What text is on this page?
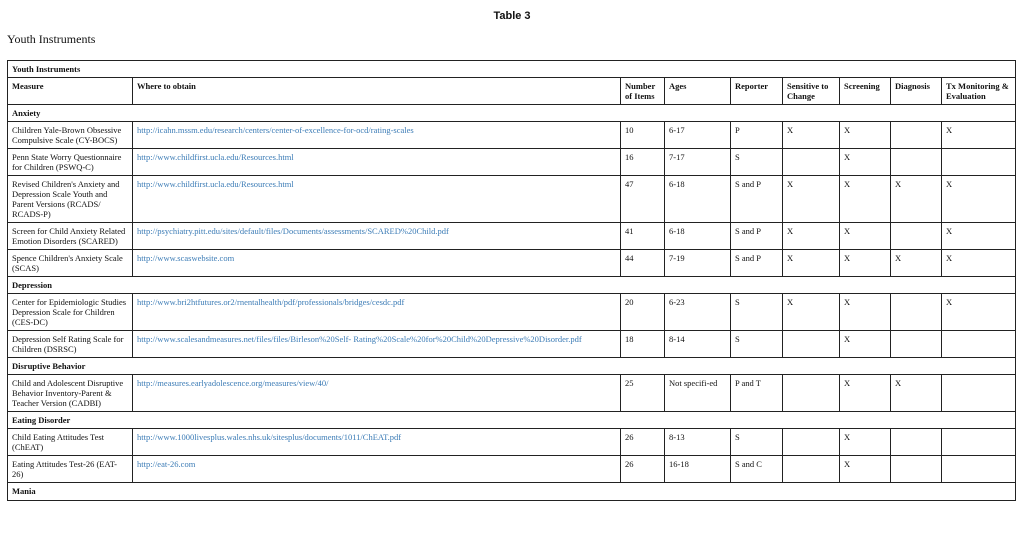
Table 3
Youth Instruments
Youth Instruments								
Measure	Where to obtain	Number of Items	Ages	Reporter	Sensitive to Change	Screening	Diagnosis	Tx Monitoring & Evaluation
Anxiety								
Children Yale-Brown Obsessive Compulsive Scale (CY-BOCS)	http://icahn.mssm.edu/research/centers/center-of-excellence-for-ocd/rating-scales	10	6-17	P	X	X		X
Penn State Worry Questionnaire for Children (PSWQ-C)	http://www.childfirst.ucla.edu/Resources.html	16	7-17	S		X		
Revised Children's Anxiety and Depression Scale Youth and Parent Versions (RCADS/ RCADS-P)	http://www.childfirst.ucla.edu/Resources.html	47	6-18	S and P	X	X	X	X
Screen for Child Anxiety Related Emotion Disorders (SCARED)	http://psychiatry.pitt.edu/sites/default/files/Documents/assessments/SCARED%20Child.pdf	41	6-18	S and P	X	X		X
Spence Children's Anxiety Scale (SCAS)	http://www.scaswebsite.com	44	7-19	S and P	X	X	X	X
Depression								
Center for Epidemiologic Studies Depression Scale for Children (CES-DC)	http://www.bri2htfutures.or2/rnentalhealth/pdf/professionals/bridges/cesdc.pdf	20	6-23	S	X	X		X
Depression Self Rating Scale for Children (DSRSC)	http://www.scalesandmeasures.net/files/files/Birleson%20Self- Rating%20Scale%20for%20Child%20Depressive%20Disorder.pdf	18	8-14	S		X		
Disruptive Behavior								
Child and Adolescent Disruptive Behavior Inventory-Parent & Teacher Version (CADBI)	http://measures.earlyadolescence.org/measures/view/40/	25	Not specifi-ed	P and T		X	X	
Eating Disorder								
Child Eating Attitudes Test (ChEAT)	http://www.1000livesplus.wales.nhs.uk/sitesplus/documents/1011/ChEAT.pdf	26	8-13	S		X		
Eating Attitudes Test-26 (EAT-26)	http://eat-26.com	26	16-18	S and C		X		
Mania								
